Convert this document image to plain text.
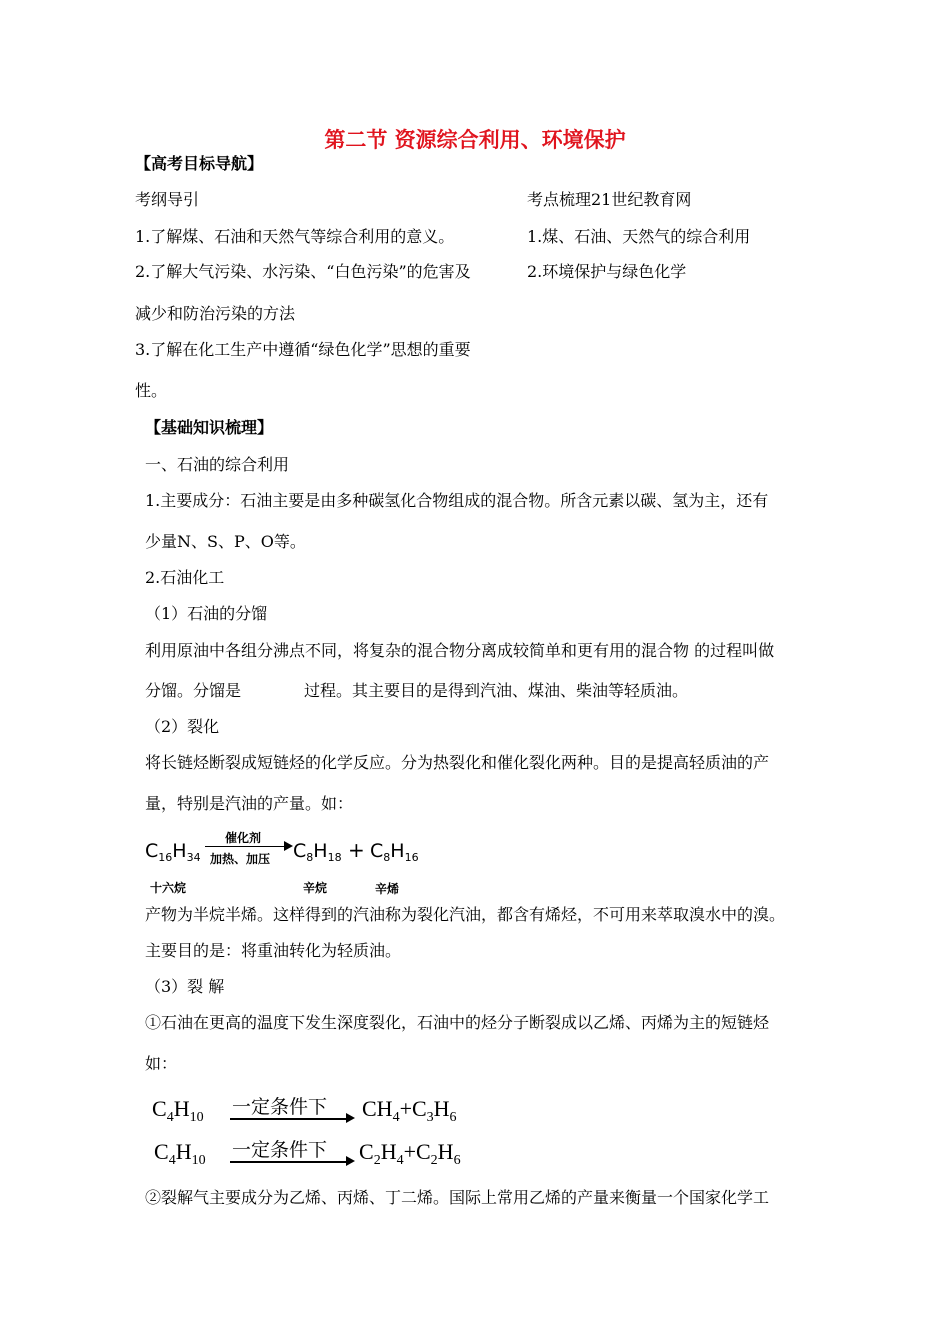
第二节 资源综合利用、环境保护
【高考目标导航】
考纲导引	考点梳理21世纪教育网
1.了解煤、石油和天然气等综合利用的意义。	1.煤、石油、天然气的综合利用
2.了解大气污染、水污染、“白色污染”的危害及	2.环境保护与绿色化学
减少和防治污染的方法
3.了解在化工生产中遵循“绿色化学”思想的重要
性。
【基础知识梳理】
一、石油的综合利用
1.主要成分：石油主要是由多种碳氢化合物组成的混合物。所含元素以碳、氢为主，还有
少量N、S、P、O等。
2.石油化工
（1）石油的分馏
利用原油中各组分沸点不同，将复杂的混合物分离成较简单和更有用的混合物 的过程叫做
分馏。分馏是	过程。其主要目的是得到汽油、煤油、柴油等轻质油。
（2）裂化
将长链烃断裂成短链烃的化学反应。分为热裂化和催化裂化两种。目的是提高轻质油的产
量，特别是汽油的产量。如：
$C_{16}H_{34}$
催化剂
加热、加压 $C_8H_{18} + C_8H_{16}$
十六烷	辛烷	辛烯
产物为半烷半烯。这样得到的汽油称为裂化汽油，都含有烯烃，不可用来萃取溴水中的溴。
主要目的是：将重油转化为轻质油。
（3）裂 解
①石油在更高的温度下发生深度裂化，石油中的烃分子断裂成以乙烯、丙烯为主的短链烃
如：
$C_4H_{10}$ 一定条件下 $CH_4+C_3H_6$
$C_4H_{10}$ 一定条件下 $C_2H_4+C_2H_6$
②裂解气主要成分为乙烯、丙烯、丁二烯。国际上常用乙烯的产量来衡量一个国家化学工
